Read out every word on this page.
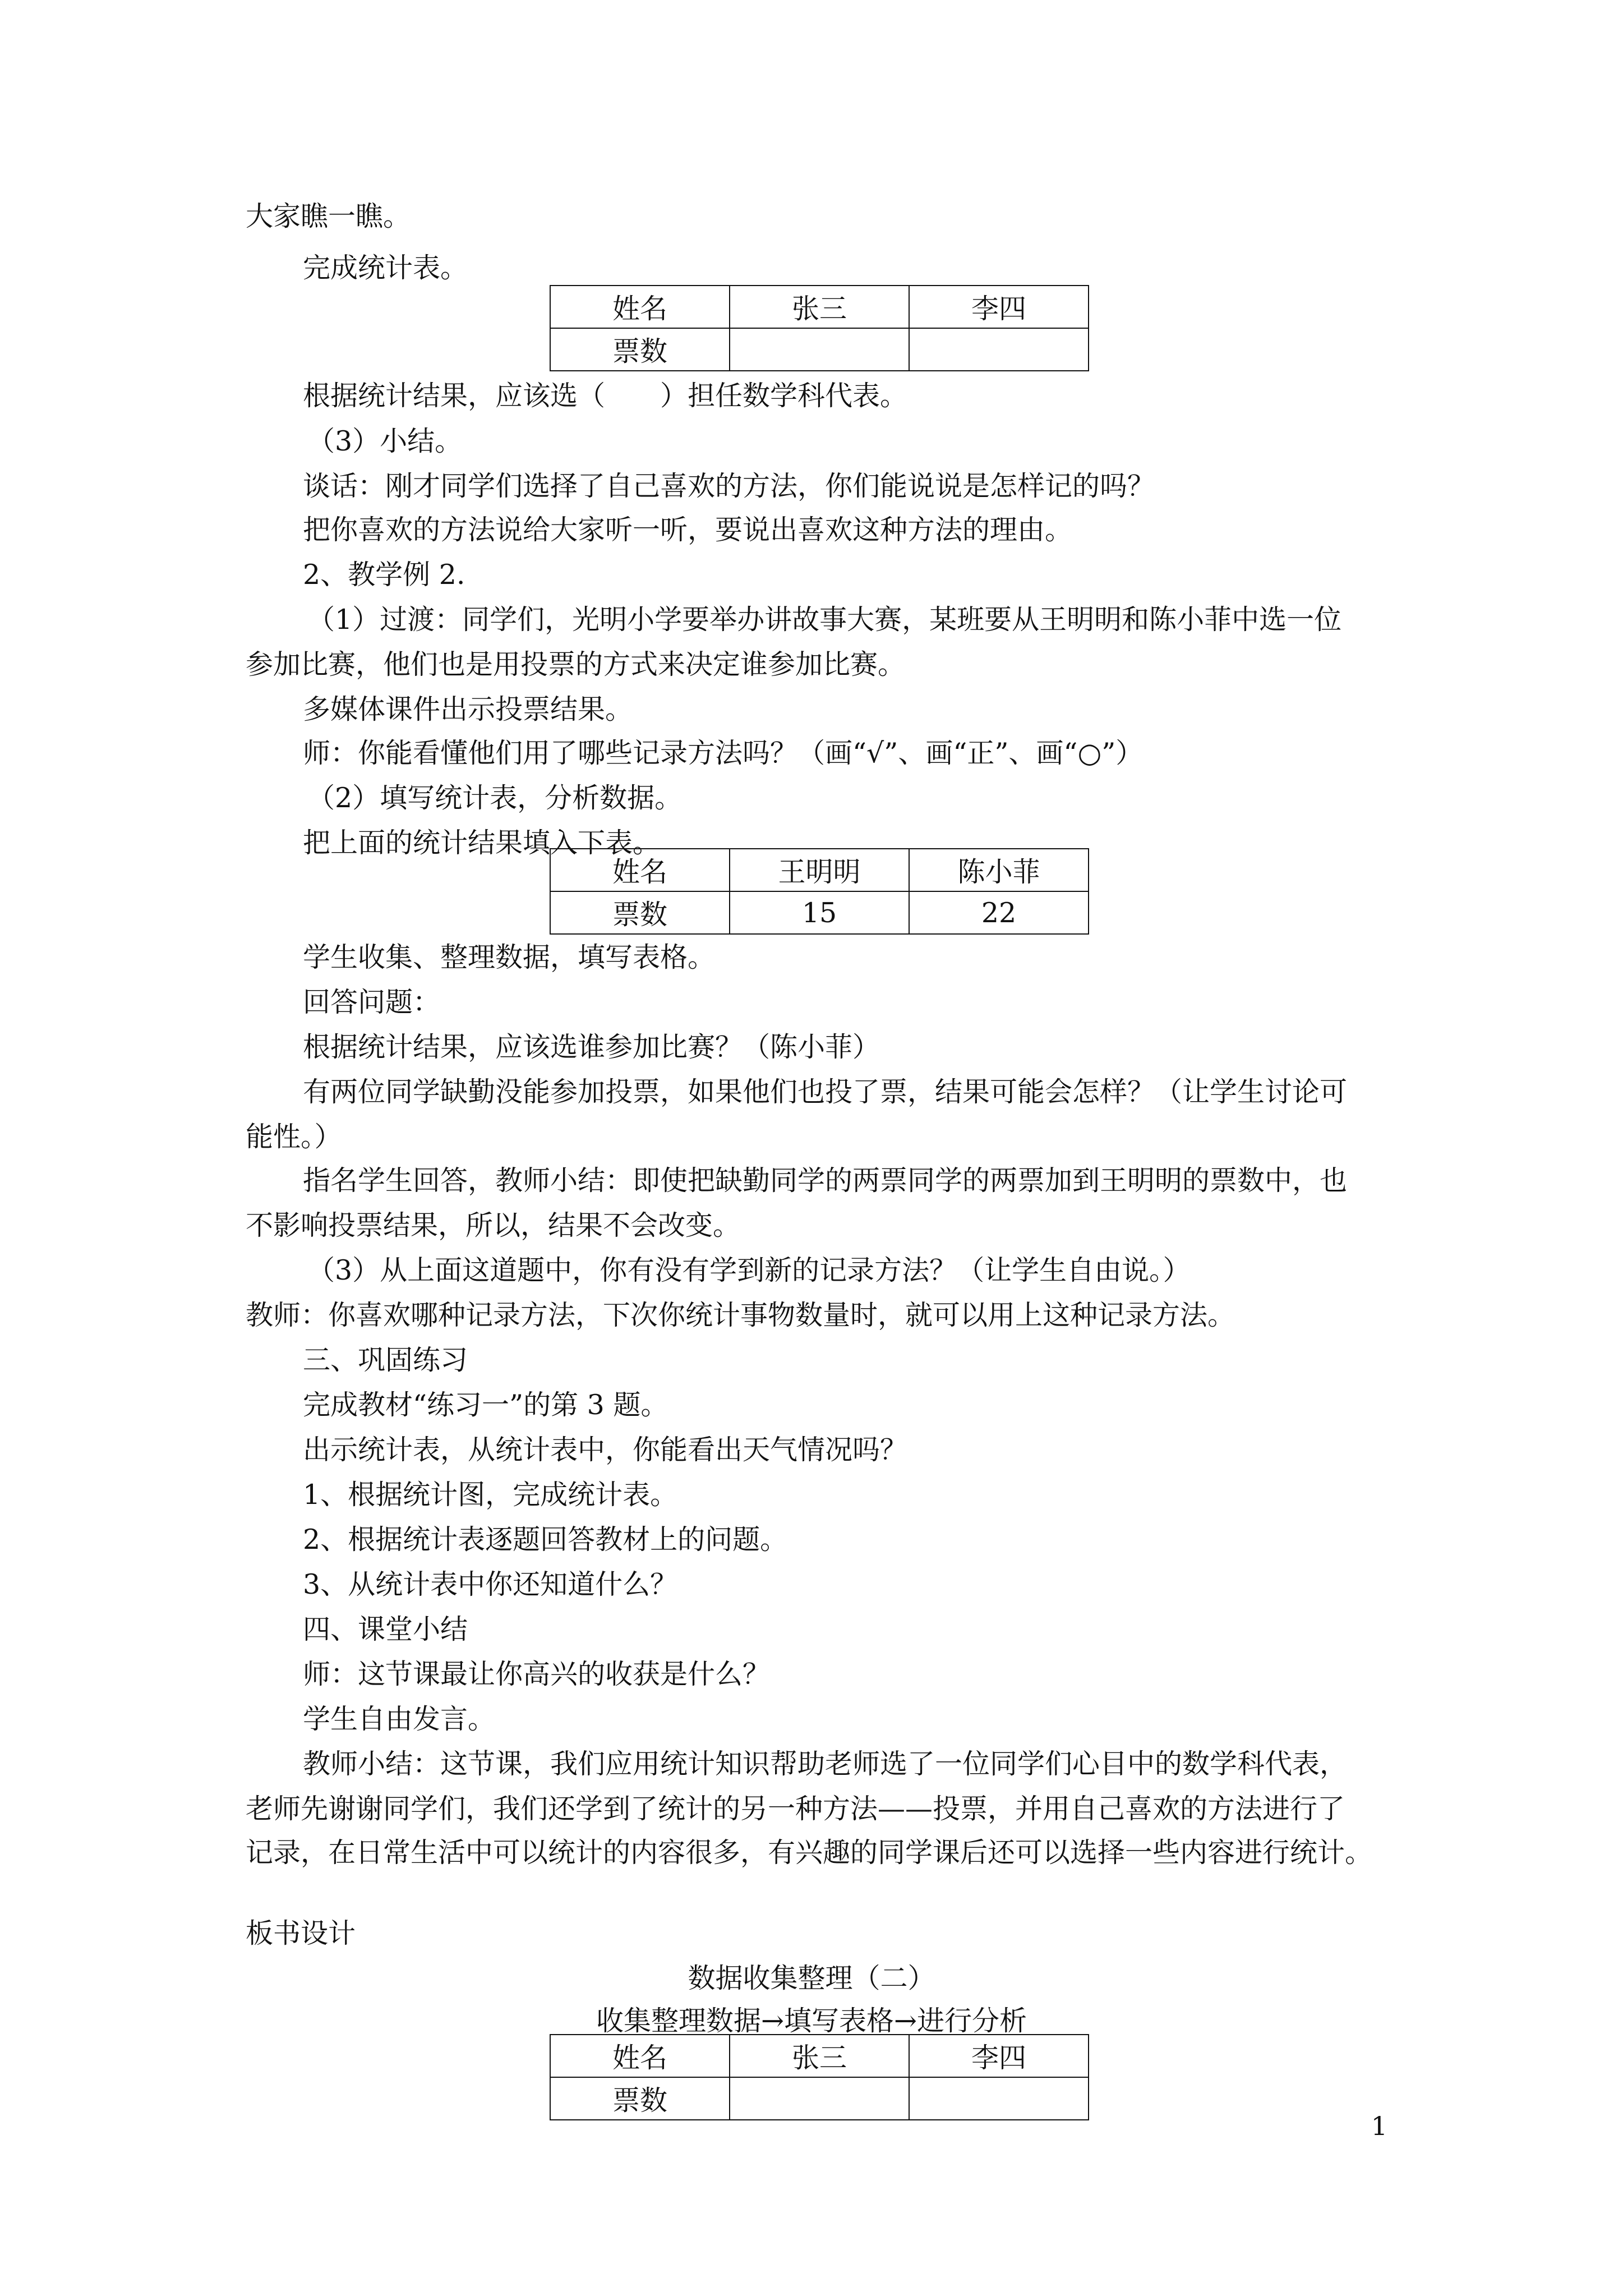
大家瞧一瞧。
完成统计表。
姓名	张三	李四
票数		
根据统计结果，应该选（　　）担任数学科代表。
（3）小结。
谈话：刚才同学们选择了自己喜欢的方法，你们能说说是怎样记的吗？
把你喜欢的方法说给大家听一听，要说出喜欢这种方法的理由。
2、教学例 2.
（1）过渡：同学们，光明小学要举办讲故事大赛，某班要从王明明和陈小菲中选一位
参加比赛，他们也是用投票的方式来决定谁参加比赛。
多媒体课件出示投票结果。
师：你能看懂他们用了哪些记录方法吗？（画“√”、画“正”、画“○”）
（2）填写统计表，分析数据。
把上面的统计结果填入下表。
姓名	王明明	陈小菲
票数	15	22
学生收集、整理数据，填写表格。
回答问题：
根据统计结果，应该选谁参加比赛？（陈小菲）
有两位同学缺勤没能参加投票，如果他们也投了票，结果可能会怎样？（让学生讨论可
能性。）
指名学生回答，教师小结：即使把缺勤同学的两票同学的两票加到王明明的票数中，也
不影响投票结果，所以，结果不会改变。
（3）从上面这道题中，你有没有学到新的记录方法？（让学生自由说。）
教师：你喜欢哪种记录方法，下次你统计事物数量时，就可以用上这种记录方法。
三、巩固练习
完成教材“练习一”的第 3 题。
出示统计表，从统计表中，你能看出天气情况吗？
1、根据统计图，完成统计表。
2、根据统计表逐题回答教材上的问题。
3、从统计表中你还知道什么？
四、课堂小结
师：这节课最让你高兴的收获是什么？
学生自由发言。
教师小结：这节课，我们应用统计知识帮助老师选了一位同学们心目中的数学科代表，
老师先谢谢同学们，我们还学到了统计的另一种方法——投票，并用自己喜欢的方法进行了
记录，在日常生活中可以统计的内容很多，有兴趣的同学课后还可以选择一些内容进行统计。
板书设计
数据收集整理（二）
收集整理数据→填写表格→进行分析
姓名	张三	李四
票数		
1
